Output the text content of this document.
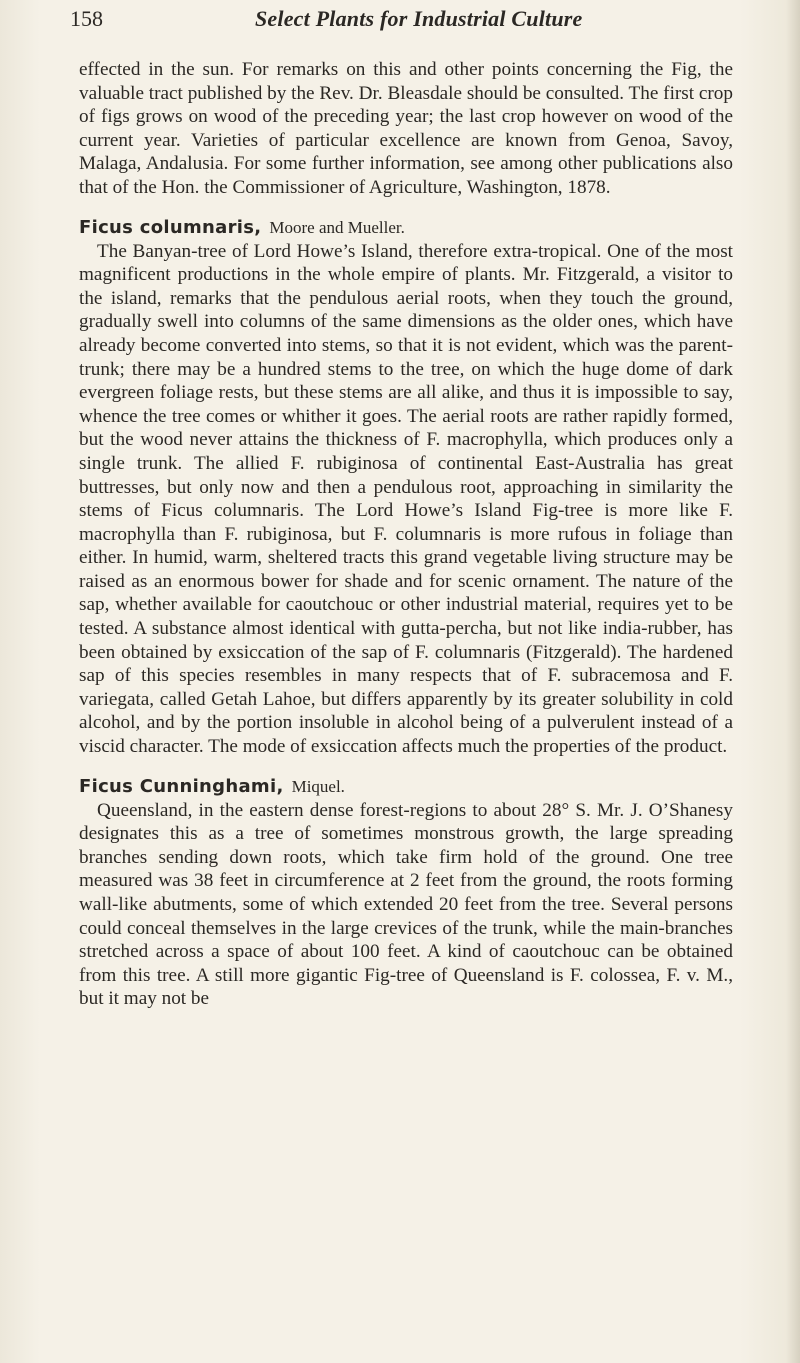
158	Select Plants for Industrial Culture

effected in the sun. For remarks on this and other points concerning the Fig, the valuable tract published by the Rev. Dr. Bleasdale should be consulted. The first crop of figs grows on wood of the preceding year; the last crop however on wood of the current year. Varieties of particular excellence are known from Genoa, Savoy, Malaga, Andalusia. For some further information, see among other publications also that of the Hon. the Commissioner of Agriculture, Washington, 1878.

Ficus columnaris, Moore and Mueller.

The Banyan-tree of Lord Howe’s Island, therefore extra-tropical. One of the most magnificent productions in the whole empire of plants. Mr. Fitzgerald, a visitor to the island, remarks that the pendulous aerial roots, when they touch the ground, gradually swell into columns of the same dimensions as the older ones, which have already become converted into stems, so that it is not evident, which was the parent-trunk; there may be a hundred stems to the tree, on which the huge dome of dark evergreen foliage rests, but these stems are all alike, and thus it is impossible to say, whence the tree comes or whither it goes. The aerial roots are rather rapidly formed, but the wood never attains the thickness of F. macrophylla, which produces only a single trunk. The allied F. rubiginosa of continental East-Australia has great buttresses, but only now and then a pendulous root, approaching in similarity the stems of Ficus columnaris. The Lord Howe’s Island Fig-tree is more like F. macrophylla than F. rubiginosa, but F. columnaris is more rufous in foliage than either. In humid, warm, sheltered tracts this grand vegetable living structure may be raised as an enormous bower for shade and for scenic ornament. The nature of the sap, whether available for caoutchouc or other industrial material, requires yet to be tested. A substance almost identical with gutta-percha, but not like india-rubber, has been obtained by exsiccation of the sap of F. columnaris (Fitzgerald). The hardened sap of this species resembles in many respects that of F. subracemosa and F. variegata, called Getah Lahoe, but differs apparently by its greater solubility in cold alcohol, and by the portion insoluble in alcohol being of a pulverulent instead of a viscid character. The mode of exsiccation affects much the properties of the product.

Ficus Cunninghami, Miquel.

Queensland, in the eastern dense forest-regions to about 28° S. Mr. J. O’Shanesy designates this as a tree of sometimes monstrous growth, the large spreading branches sending down roots, which take firm hold of the ground. One tree measured was 38 feet in circumference at 2 feet from the ground, the roots forming wall-like abutments, some of which extended 20 feet from the tree. Several persons could conceal themselves in the large crevices of the trunk, while the main-branches stretched across a space of about 100 feet. A kind of caoutchouc can be obtained from this tree. A still more gigantic Fig-tree of Queensland is F. colossea, F. v. M., but it may not be
